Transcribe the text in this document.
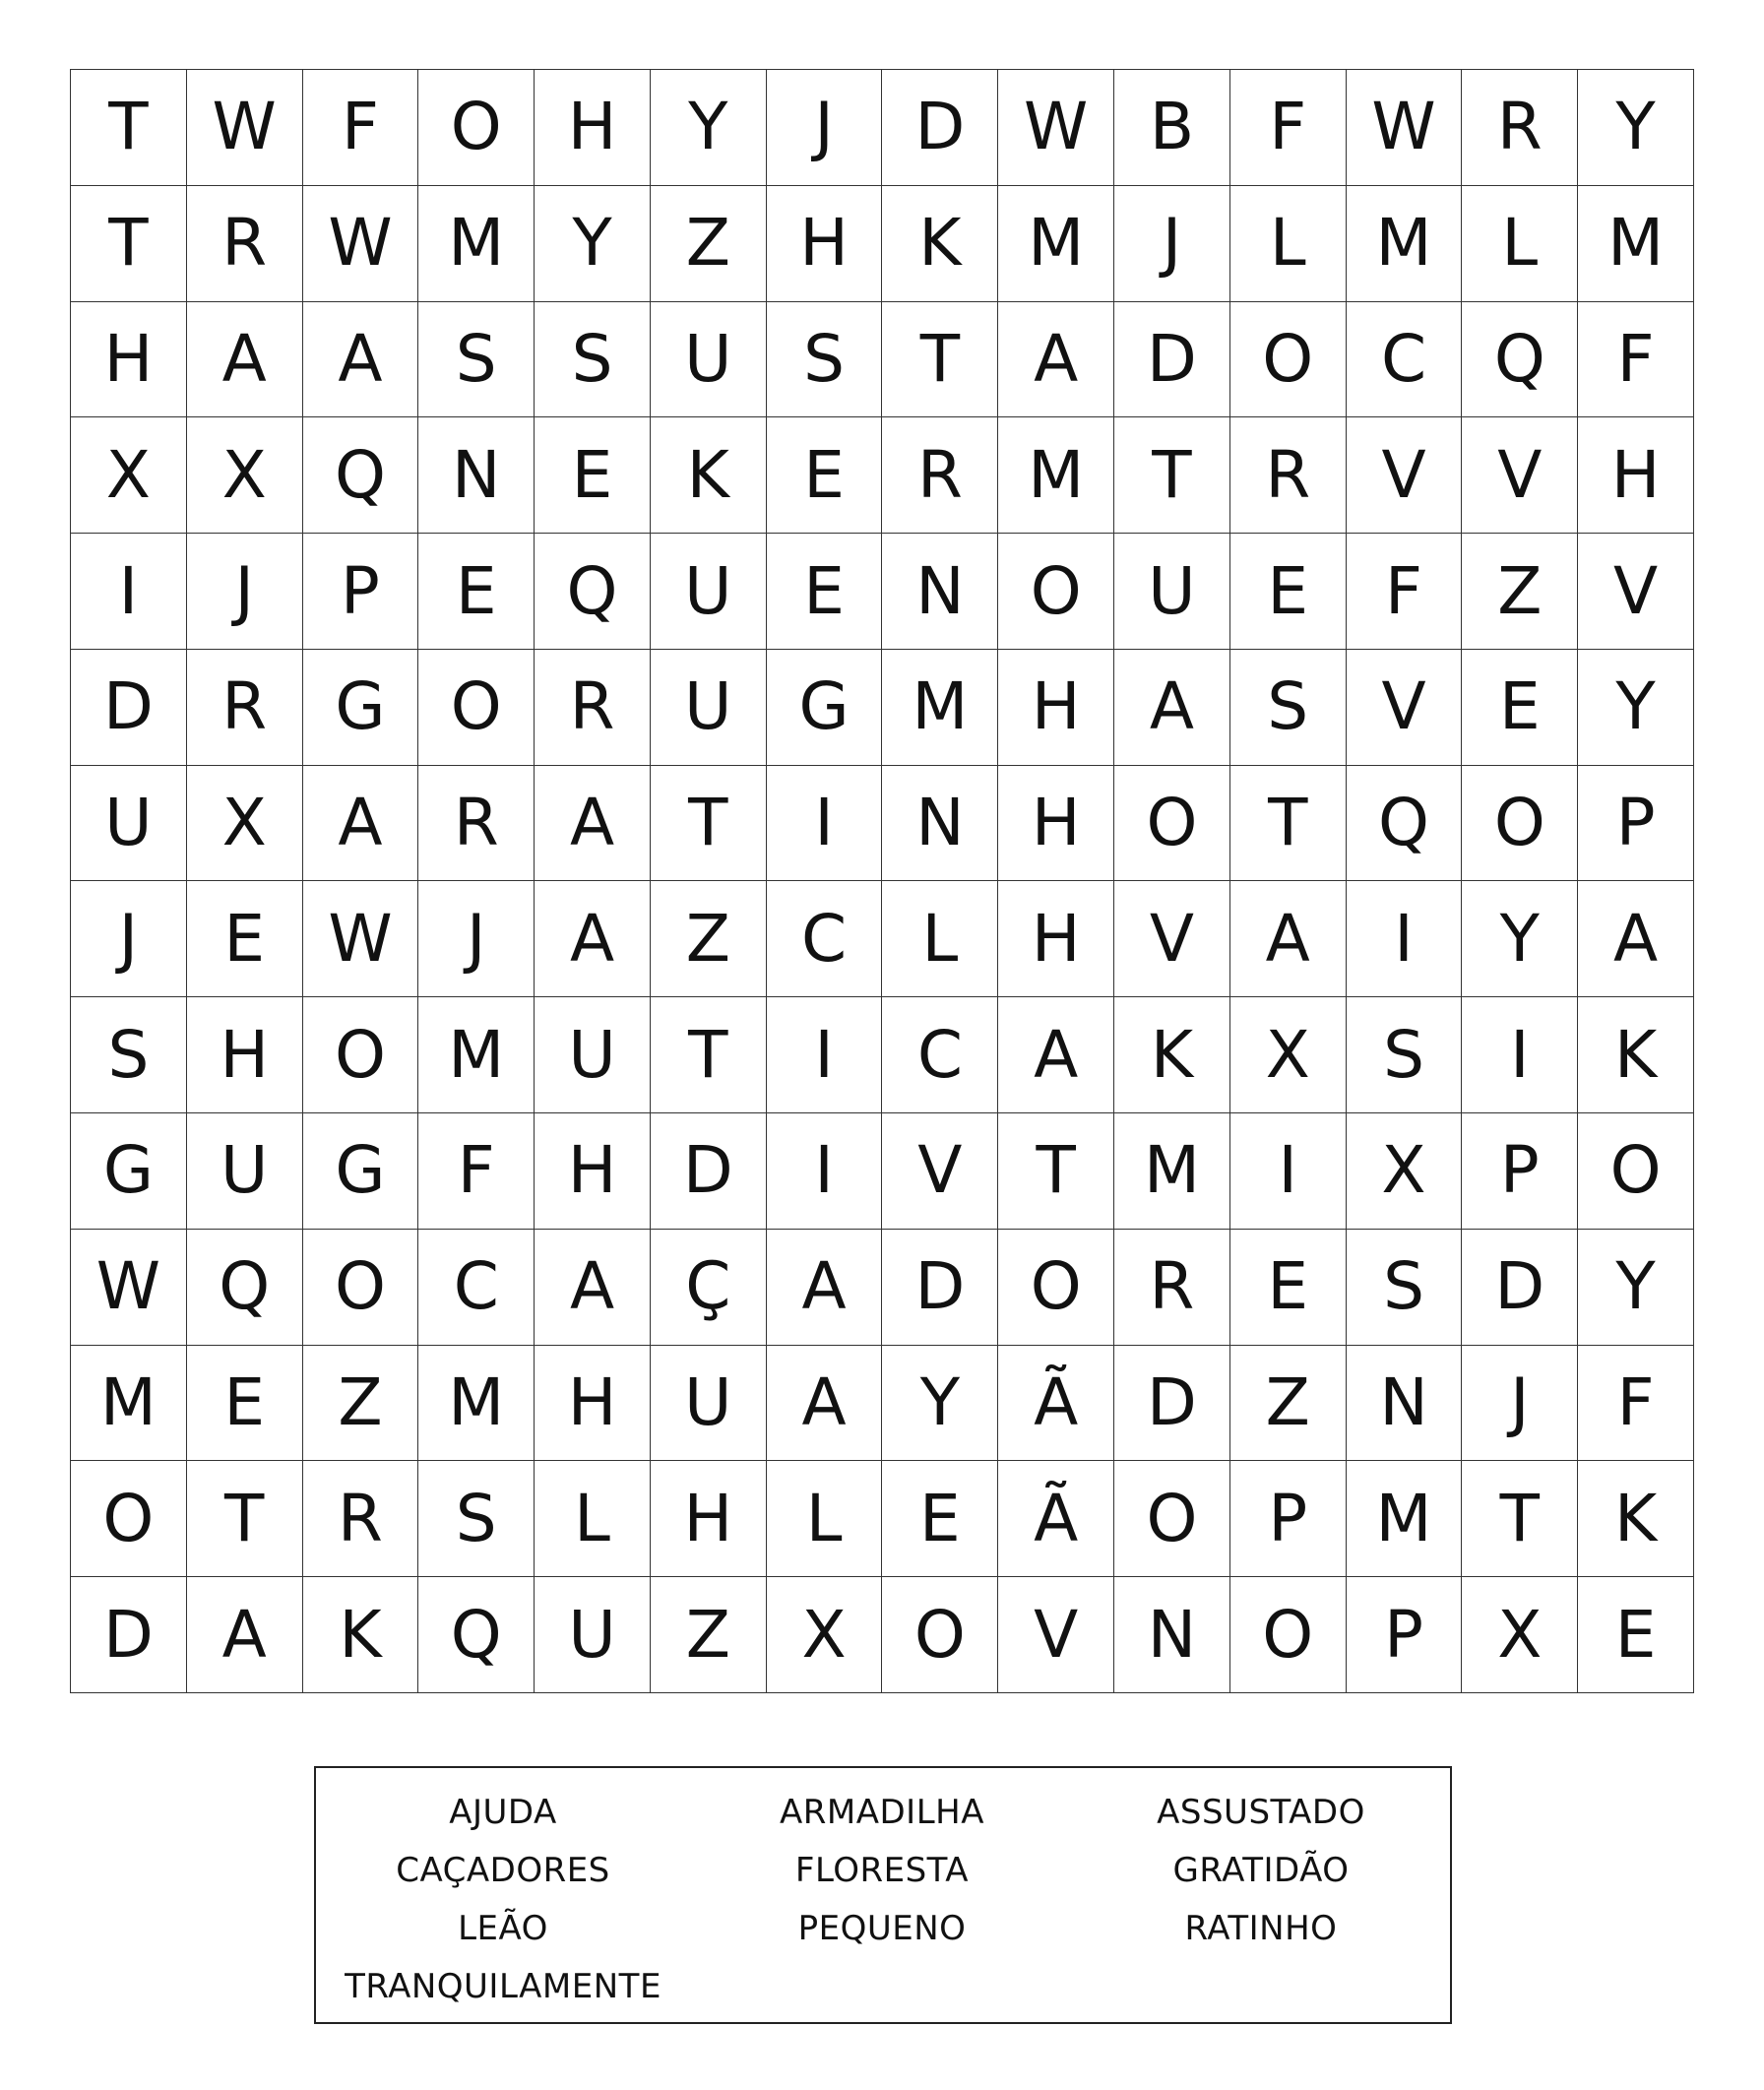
T W	F	O	H	Y	J	D W B	F	W R	Y
T	R W M	Y	Z	H	K	M	J	L	M	L	M
H	A	A	S	S	U	S	T	A	D	O	C	Q	F
X	X	Q	N	E	K	E	R	M	T	R	V	V	H
I	J	P	E	Q	U	E	N	O	U	E	F	Z	V
D	R	G	O	R	U	G M H	A	S	V	E	Y
U	X	A	R	A	T	I	N	H	O	T	Q O	P
J	E W	J	A	Z	C	L	H	V	A	I	Y	A
S	H	O M U	T	I	C	A	K	X	S	I	K
G	U	G	F	H	D	I	V	T	M	I	X	P	O
W Q O	C	A	Ç	A	D	O	R	E	S	D	Y
M	E	Z	M H	U	A	Y	Ã	D	Z	N	J	F
O	T	R	S	L	H	L	E	Ã	O	P	M	T	K
D	A	K	Q	U	Z	X	O	V	N	O	P	X	E
AJUDA
CAÇADORES
LEÃO
TRANQUILAMENTE
ARMADILHA
FLORESTA
PEQUENO
ASSUSTADO
GRATIDÃO
RATINHO
